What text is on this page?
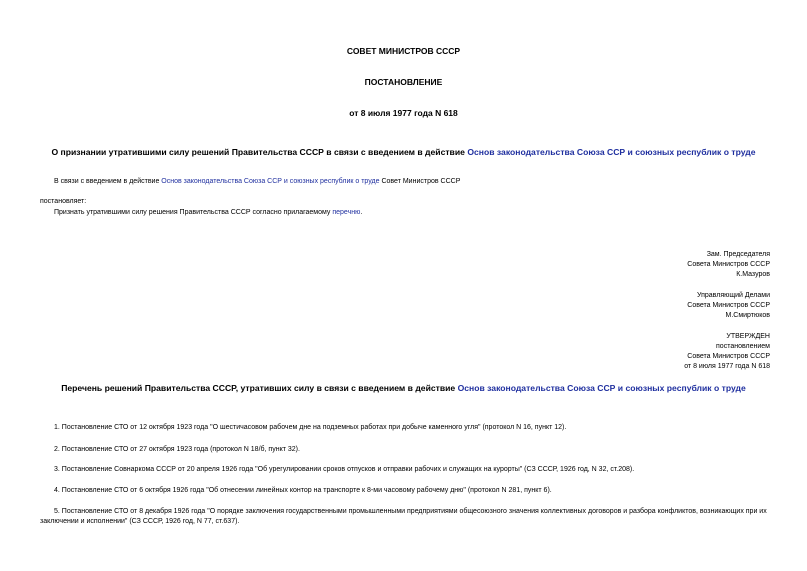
СОВЕТ МИНИСТРОВ СССР
ПОСТАНОВЛЕНИЕ
от 8 июля 1977 года N 618
О признании утратившими силу решений Правительства СССР в связи с введением в действие Основ законодательства Союза ССР и союзных республик о труде
В связи с введением в действие Основ законодательства Союза ССР и союзных республик о труде Совет Министров СССР
постановляет:
Признать утратившими силу решения Правительства СССР согласно прилагаемому перечню.
Зам. Председателя
Совета Министров СССР
К.Мазуров
Управляющий Делами
Совета Министров СССР
М.Смиртюков
УТВЕРЖДЕН
постановлением
Совета Министров СССР
от 8 июля 1977 года N 618
Перечень решений Правительства СССР, утративших силу в связи с введением в действие Основ законодательства Союза ССР и союзных республик о труде
1. Постановление СТО от 12 октября 1923 года "О шестичасовом рабочем дне на подземных работах при добыче каменного угля" (протокол N 16, пункт 12).
2. Постановление СТО от 27 октября 1923 года (протокол N 18/б, пункт 32).
3. Постановление Совнаркома СССР от 20 апреля 1926 года "Об урегулировании сроков отпусков и отправки рабочих и служащих на курорты" (СЗ СССР, 1926 год, N 32, ст.208).
4. Постановление СТО от 6 октября 1926 года "Об отнесении линейных контор на транспорте к 8-ми часовому рабочему дню" (протокол N 281, пункт 6).
5. Постановление СТО от 8 декабря 1926 года "О порядке заключения государственными промышленными предприятиями общесоюзного значения коллективных договоров и разбора конфликтов, возникающих при их заключении и исполнении" (СЗ СССР, 1926 год, N 77, ст.637).
